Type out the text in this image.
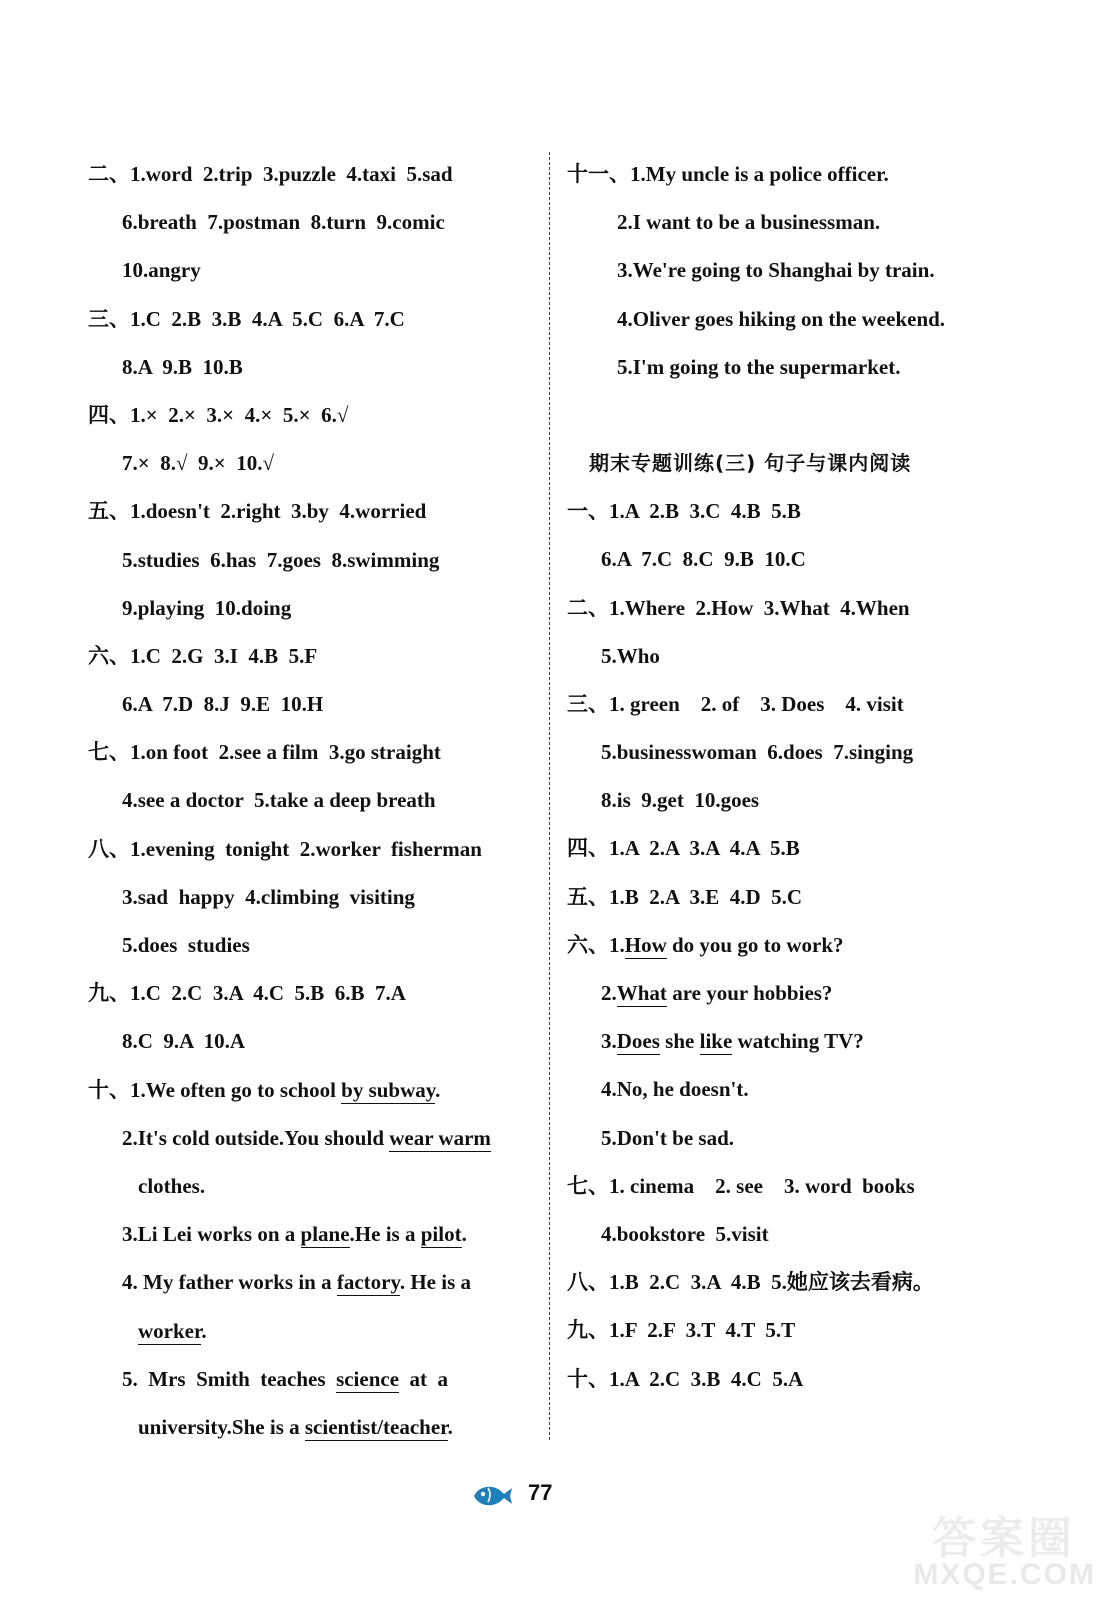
二、1.word  2.trip  3.puzzle  4.taxi  5.sad
6.breath  7.postman  8.turn  9.comic
10.angry
三、1.C  2.B  3.B  4.A  5.C  6.A  7.C
8.A  9.B  10.B
四、1.×  2.×  3.×  4.×  5.×  6.√
7.×  8.√  9.×  10.√
五、1.doesn't  2.right  3.by  4.worried
5.studies  6.has  7.goes  8.swimming
9.playing  10.doing
六、1.C  2.G  3.I  4.B  5.F
6.A  7.D  8.J  9.E  10.H
七、1.on foot  2.see a film  3.go straight
4.see a doctor  5.take a deep breath
八、1.evening  tonight  2.worker  fisherman
3.sad  happy  4.climbing  visiting
5.does  studies
九、1.C  2.C  3.A  4.C  5.B  6.B  7.A
8.C  9.A  10.A
十、1.We often go to school by subway.
2.It's cold outside.You should wear warm
clothes.
3.Li Lei works on a plane.He is a pilot.
4. My father works in a factory. He is a
worker.
5.  Mrs  Smith  teaches  science  at  a
university.She is a scientist/teacher.
十一、1.My uncle is a police officer.
2.I want to be a businessman.
3.We're going to Shanghai by train.
4.Oliver goes hiking on the weekend.
5.I'm going to the supermarket.
期末专题训练(三) 句子与课内阅读
一、1.A  2.B  3.C  4.B  5.B
6.A  7.C  8.C  9.B  10.C
二、1.Where  2.How  3.What  4.When
5.Who
三、1. green    2. of    3. Does    4. visit
5.businesswoman  6.does  7.singing
8.is  9.get  10.goes
四、1.A  2.A  3.A  4.A  5.B
五、1.B  2.A  3.E  4.D  5.C
六、1.How do you go to work?
2.What are your hobbies?
3.Does she like watching TV?
4.No, he doesn't.
5.Don't be sad.
七、1. cinema    2. see    3. word  books
4.bookstore  5.visit
八、1.B  2.C  3.A  4.B  5.她应该去看病。
九、1.F  2.F  3.T  4.T  5.T
十、1.A  2.C  3.B  4.C  5.A
77
答案圈
MXQE.COM
